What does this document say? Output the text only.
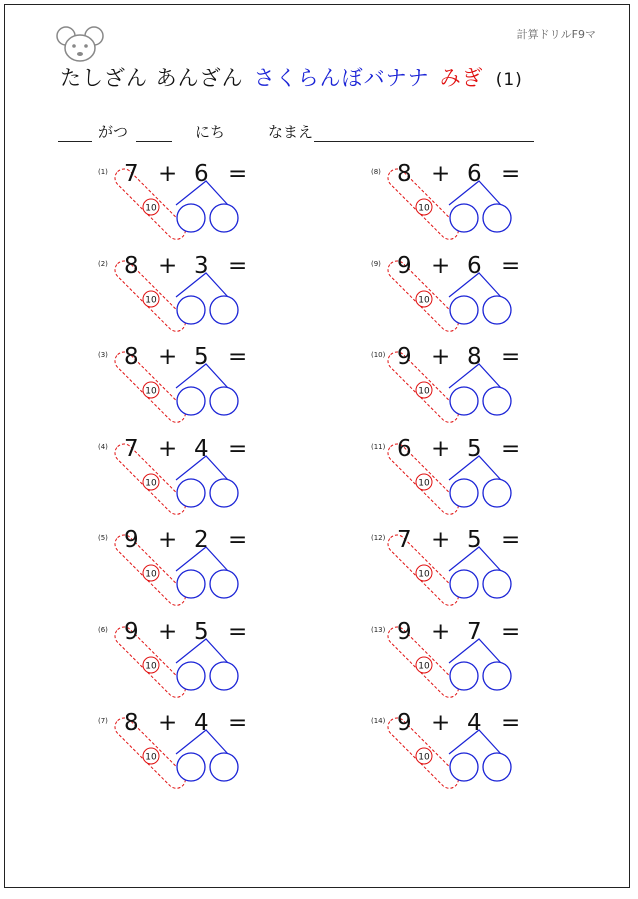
計算ドリルF9マ
たしざん あんざん さくらんぼバナナ みぎ (1)
がつ	にち	なまえ
10
(1) 7 + 6 =
10
(2) 8 + 3 =
10
(3) 8 + 5 =
10
(4) 7 + 4 =
10
(5) 9 + 2 =
10
(6) 9 + 5 =
10
(7) 8 + 4 =
10
(8) 8 + 6 =
10
(9) 9 + 6 =
10
(10) 9 + 8 =
10
(11) 6 + 5 =
10
(12) 7 + 5 =
10
(13) 9 + 7 =
10
(14) 9 + 4 =
